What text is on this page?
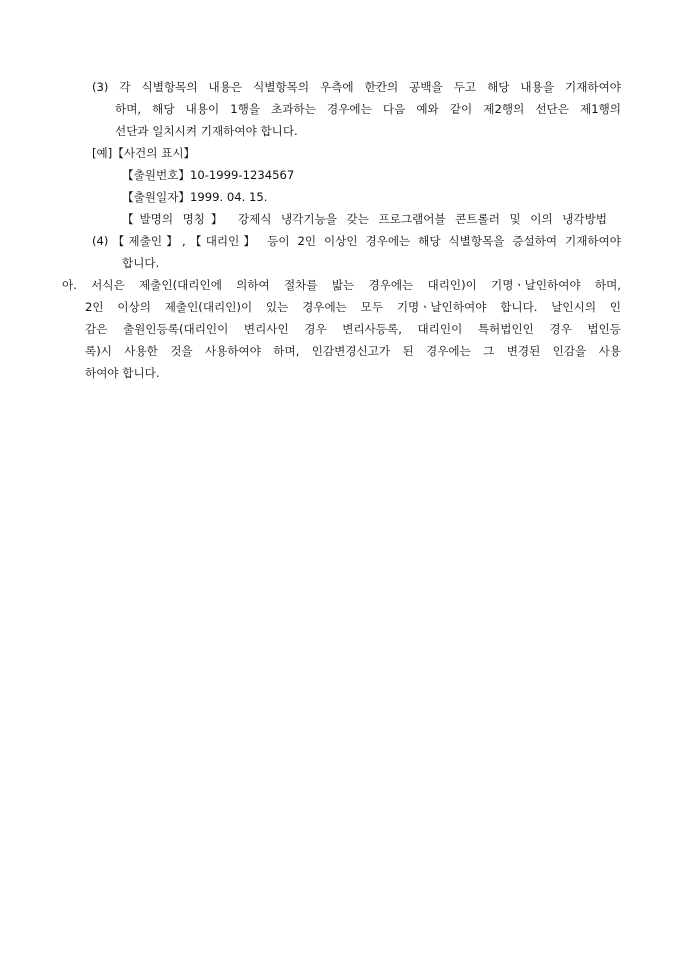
(3) 각 식별항목의 내용은 식별항목의 우측에 한칸의 공백을 두고 해당 내용을 기재하여야
하며, 해당 내용이 1행을 초과하는 경우에는 다음 예와 같이 제2행의 선단은 제1행의
선단과 일치시켜 기재하여야 합니다.
[예]【사건의 표시】
【출원번호】10-1999-1234567
【출원일자】1999. 04. 15.
【발명의 명칭】 강제식 냉각기능을 갖는 프로그램어블 콘트롤러 및 이의 냉각방법
(4)【제출인】,【대리인】 등이 2인 이상인 경우에는 해당 식별항목을 증설하여 기재하여야
합니다.
아. 서식은 제출인(대리인에 의하여 절차를 밟는 경우에는 대리인)이 기명ㆍ날인하여야 하며,
2인 이상의 제출인(대리인)이 있는 경우에는 모두 기명ㆍ날인하여야 합니다. 날인시의 인
감은 출원인등록(대리인이 변리사인 경우 변리사등록, 대리인이 특허법인인 경우 법인등
록)시 사용한 것을 사용하여야 하며, 인감변경신고가 된 경우에는 그 변경된 인감을 사용
하여야 합니다.
